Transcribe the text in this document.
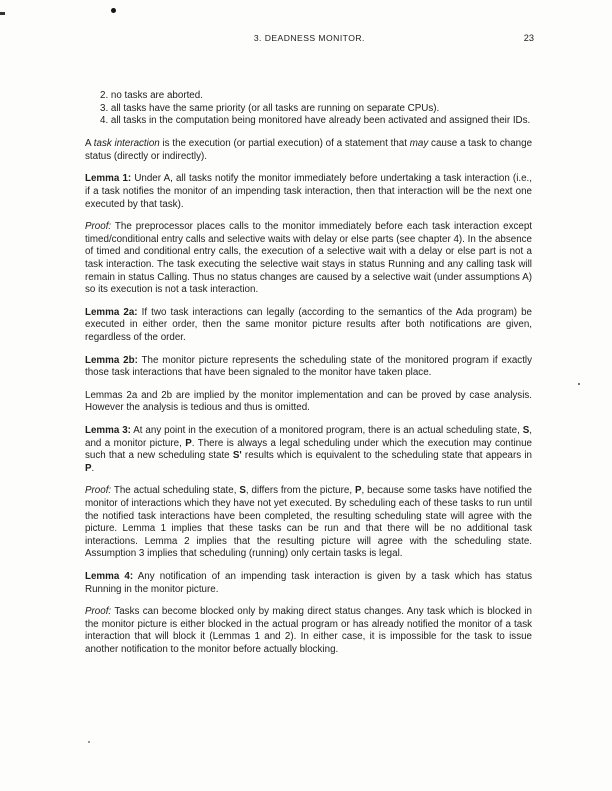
3. DEADNESS MONITOR.	23

2. no tasks are aborted.

3. all tasks have the same priority (or all tasks are running on separate CPUs).

4. all tasks in the computation being monitored have already been activated and assigned their IDs.

A task interaction is the execution (or partial execution) of a statement that may cause a task to change status (directly or indirectly).

Lemma 1: Under A, all tasks notify the monitor immediately before undertaking a task interaction (i.e., if a task notifies the monitor of an impending task interaction, then that interaction will be the next one executed by that task).

Proof: The preprocessor places calls to the monitor immediately before each task interaction except timed/conditional entry calls and selective waits with delay or else parts (see chapter 4). In the absence of timed and conditional entry calls, the execution of a selective wait with a delay or else part is not a task interaction. The task executing the selective wait stays in status Running and any calling task will remain in status Calling. Thus no status changes are caused by a selective wait (under assumptions A) so its execution is not a task interaction.

Lemma 2a: If two task interactions can legally (according to the semantics of the Ada program) be executed in either order, then the same monitor picture results after both notifications are given, regardless of the order.

Lemma 2b: The monitor picture represents the scheduling state of the monitored program if exactly those task interactions that have been signaled to the monitor have taken place.

Lemmas 2a and 2b are implied by the monitor implementation and can be proved by case analysis. However the analysis is tedious and thus is omitted.

Lemma 3: At any point in the execution of a monitored program, there is an actual scheduling state, S, and a monitor picture, P. There is always a legal scheduling under which the execution may continue such that a new scheduling state S' results which is equivalent to the scheduling state that appears in P.

Proof: The actual scheduling state, S, differs from the picture, P, because some tasks have notified the monitor of interactions which they have not yet executed. By scheduling each of these tasks to run until the notified task interactions have been completed, the resulting scheduling state will agree with the picture. Lemma 1 implies that these tasks can be run and that there will be no additional task interactions. Lemma 2 implies that the resulting picture will agree with the scheduling state. Assumption 3 implies that scheduling (running) only certain tasks is legal.

Lemma 4: Any notification of an impending task interaction is given by a task which has status Running in the monitor picture.

Proof: Tasks can become blocked only by making direct status changes. Any task which is blocked in the monitor picture is either blocked in the actual program or has already notified the monitor of a task interaction that will block it (Lemmas 1 and 2). In either case, it is impossible for the task to issue another notification to the monitor before actually blocking.
